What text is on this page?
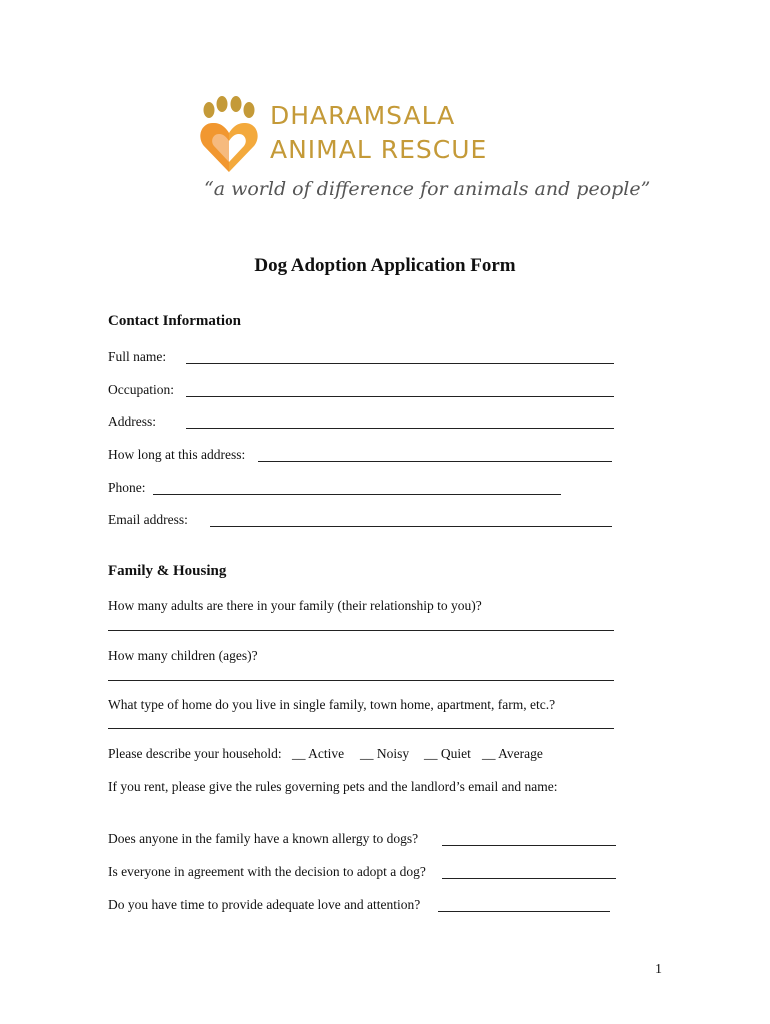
DHARAMSALA
ANIMAL RESCUE
“a world of difference for animals and people”
Dog Adoption Application Form
Contact Information
Full name:
Occupation:
Address:
How long at this address:
Phone:
Email address:
Family & Housing
How many adults are there in your family (their relationship to you)?
How many children (ages)?
What type of home do you live in single family, town home, apartment, farm, etc.?
Please describe your household: __ Active __ Noisy __ Quiet __ Average
If you rent, please give the rules governing pets and the landlord’s email and name:
Does anyone in the family have a known allergy to dogs?
Is everyone in agreement with the decision to adopt a dog?
Do you have time to provide adequate love and attention?
1
